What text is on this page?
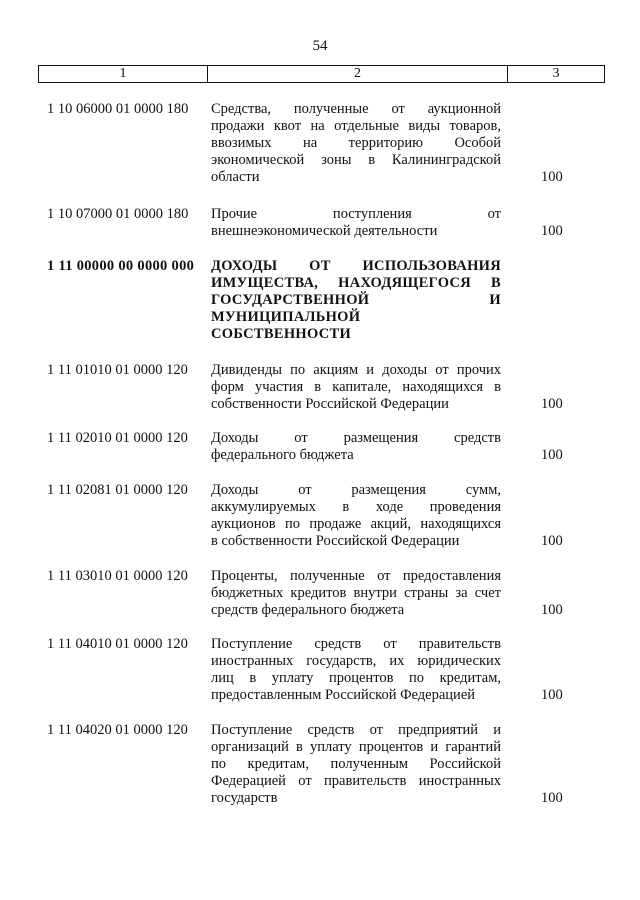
54
1	2	3
1 10 06000 01 0000 180 Средства, полученные от аукционной
продажи квот на отдельные виды товаров,
ввозимых на территорию Особой
экономической зоны в Калининградской
области	100
1 10 07000 01 0000 180 Прочие поступления от
внешнеэкономической деятельности	100
1 11 00000 00 0000 000 ДОХОДЫ ОТ ИСПОЛЬЗОВАНИЯ
ИМУЩЕСТВА, НАХОДЯЩЕГОСЯ В
ГОСУДАРСТВЕННОЙ И
МУНИЦИПАЛЬНОЙ
СОБСТВЕННОСТИ
1 11 01010 01 0000 120 Дивиденды по акциям и доходы от прочих
форм участия в капитале, находящихся в
собственности Российской Федерации	100
1 11 02010 01 0000 120 Доходы от размещения средств
федерального бюджета	100
1 11 02081 01 0000 120 Доходы от размещения сумм,
аккумулируемых в ходе проведения
аукционов по продаже акций, находящихся
в собственности Российской Федерации	100
1 11 03010 01 0000 120 Проценты, полученные от предоставления
бюджетных кредитов внутри страны за счет
средств федерального бюджета	100
1 11 04010 01 0000 120 Поступление средств от правительств
иностранных государств, их юридических
лиц в уплату процентов по кредитам,
предоставленным Российской Федерацией	100
1 11 04020 01 0000 120 Поступление средств от предприятий и
организаций в уплату процентов и гарантий
по кредитам, полученным Российской
Федерацией от правительств иностранных
государств	100
